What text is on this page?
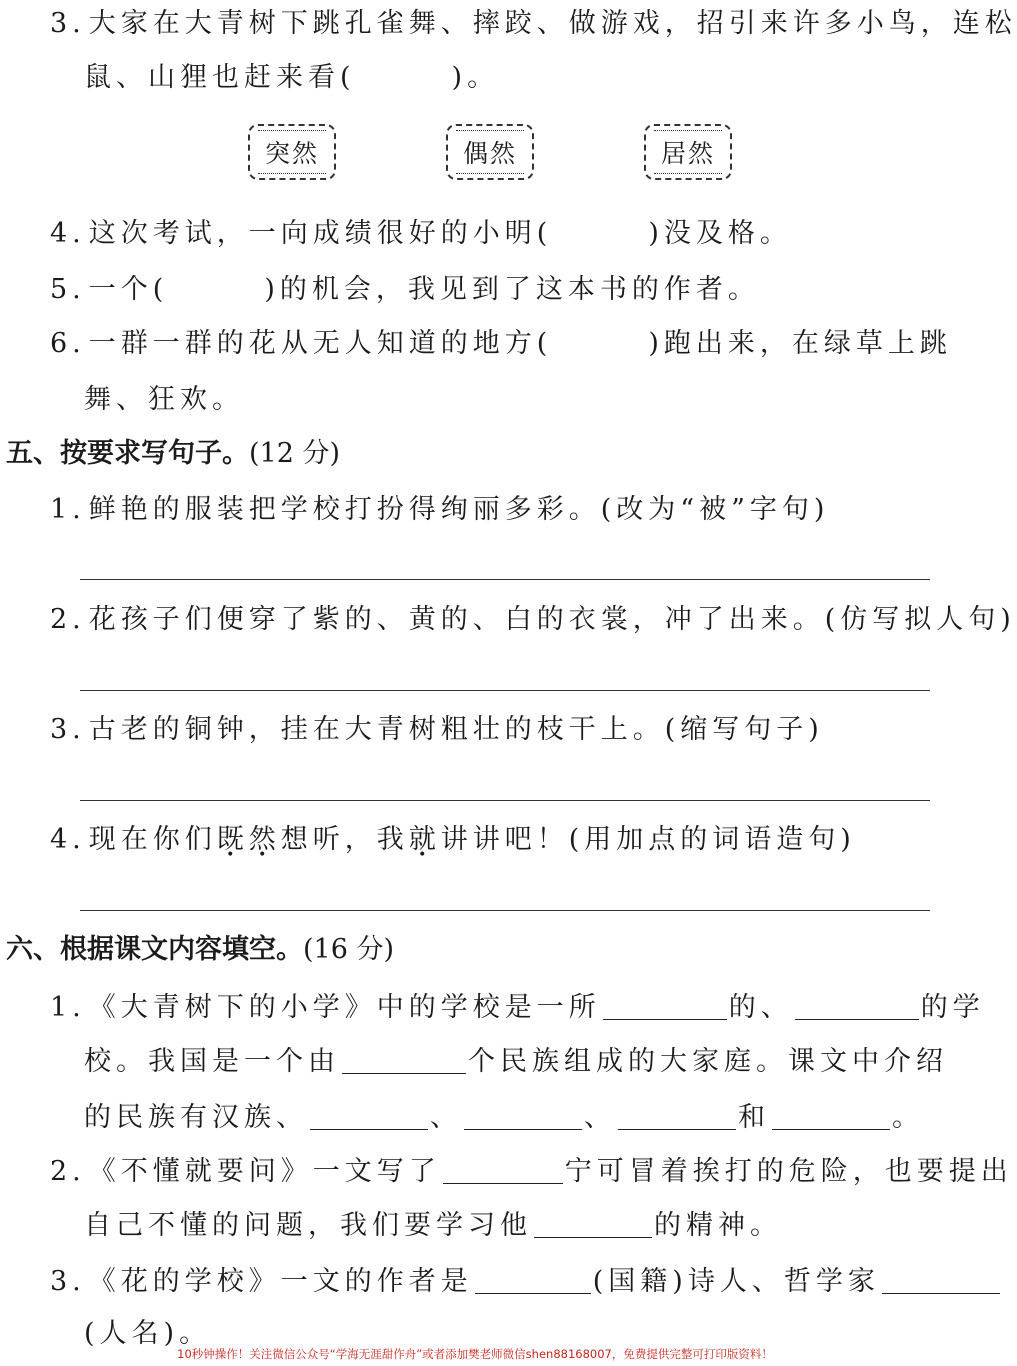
3. 大家在大青树下跳孔雀舞、摔跤、做游戏，招引来许多小鸟，连松
鼠、山狸也赶来看(	)。
突然	偶然	居然
4. 这次考试，一向成绩很好的小明(	)没及格。
5. 一个(	)的机会，我见到了这本书的作者。
6. 一群一群的花从无人知道的地方(	)跑出来，在绿草上跳
舞、狂欢。
五、按要求写句子。(12 分)
1. 鲜艳的服装把学校打扮得绚丽多彩。(改为“被”字句)
2. 花孩子们便穿了紫的、黄的、白的衣裳，冲了出来。(仿写拟人句)
3. 古老的铜钟，挂在大青树粗壮的枝干上。(缩写句子)
4. 现在你们既然想听，我就讲讲吧！(用加点的词语造句)
六、根据课文内容填空。(16 分)
1. 《大青树下的小学》中的学校是一所	的、	的学
校。我国是一个由	个民族组成的大家庭。课文中介绍
的民族有汉族、	、	、	和	。
2. 《不懂就要问》一文写了	宁可冒着挨打的危险，也要提出
自己不懂的问题，我们要学习他	的精神。
3. 《花的学校》一文的作者是	(国籍)诗人、哲学家
(人名)。
10秒钟操作！关注微信公众号“学海无涯甜作舟”或者添加樊老师微信shen88168007，免费提供完整可打印版资料！
